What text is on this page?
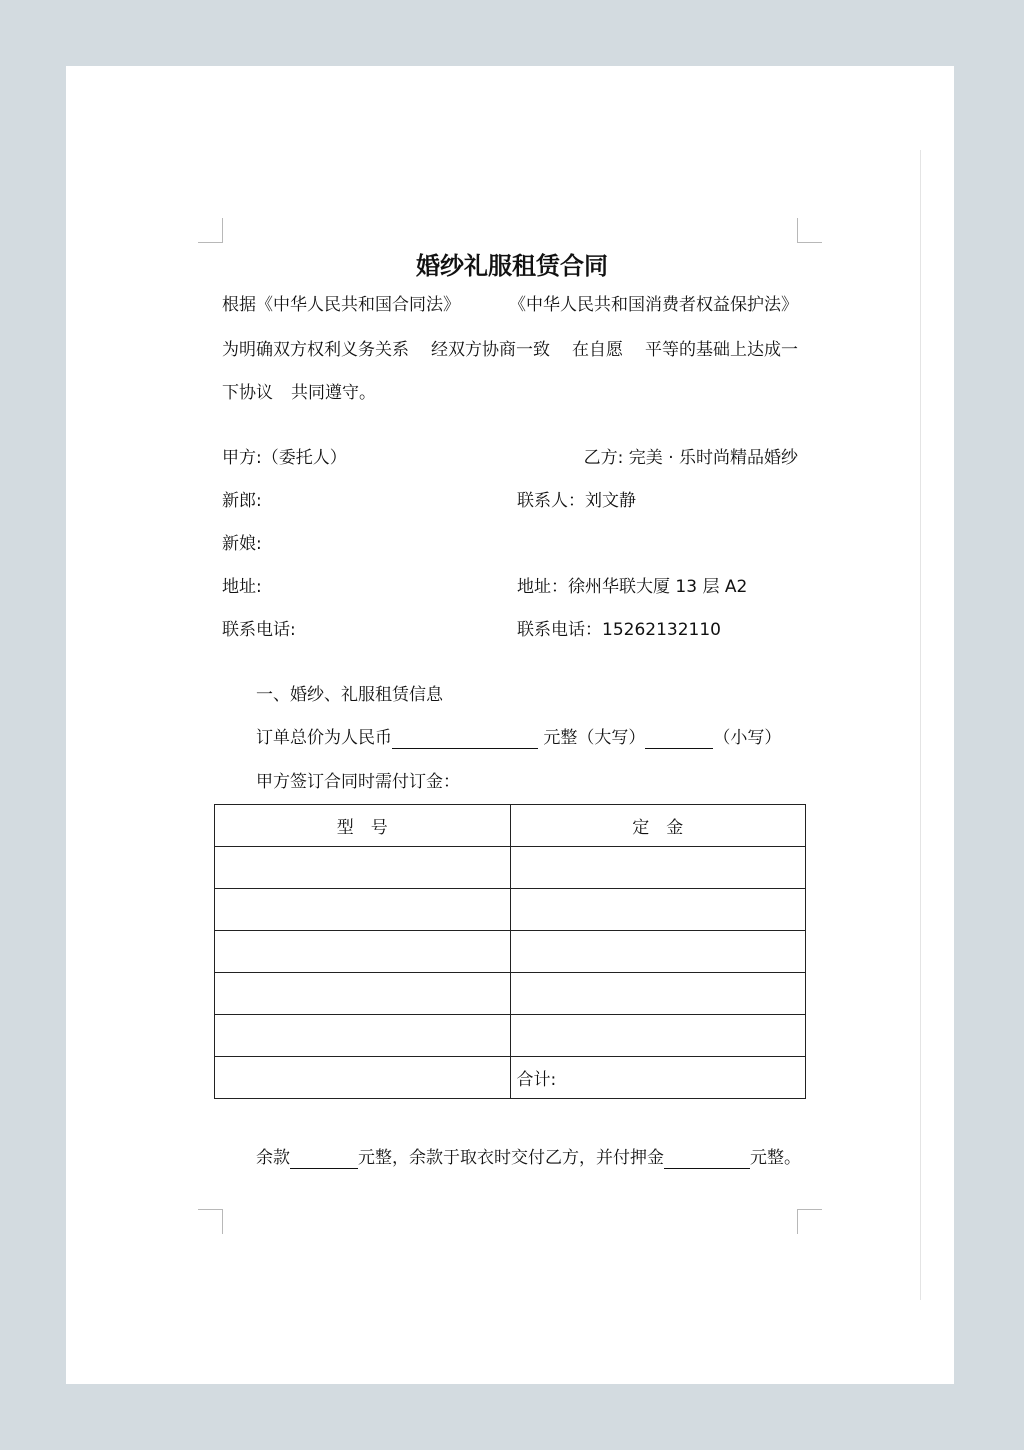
婚纱礼服租赁合同
根据《中华人民共和国合同法》	《中华人民共和国消费者权益保护法》
为明确双方权利义务关系 经双方协商一致 在自愿 平等的基础上达成一
下协议 共同遵守。
甲方:（委托人）	乙方: 完美 · 乐时尚精品婚纱
新郎:	联系人：刘文静
新娘:
地址:	地址：徐州华联大厦 13 层 A2
联系电话:	联系电话：15262132110
一、婚纱、礼服租赁信息
订单总价为人民币	元整（大写）	（小写）
甲方签订合同时需付订金：
型　号	定　金

	合计:
余款	元整，余款于取衣时交付乙方，并付押金	元整。
